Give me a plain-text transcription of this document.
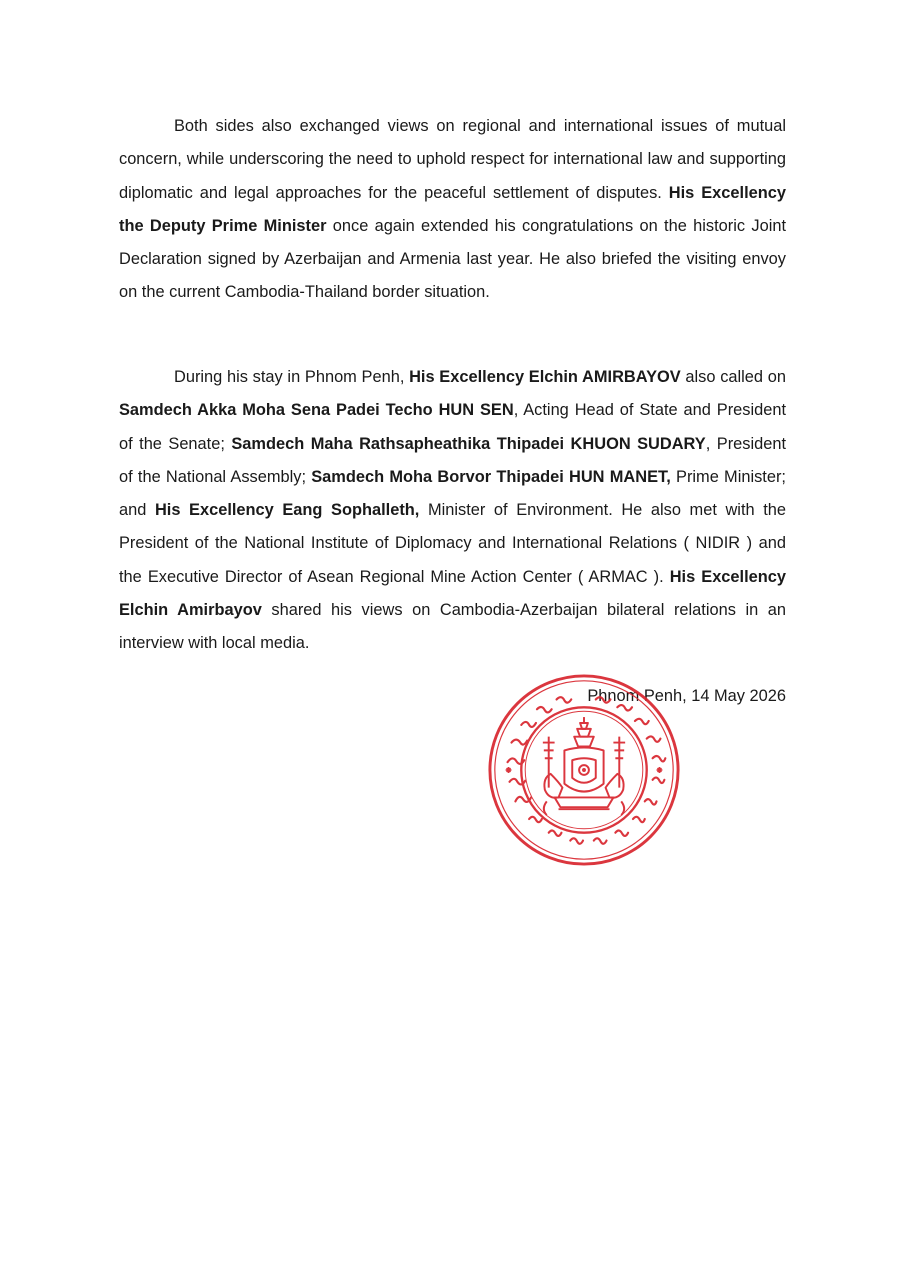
Both sides also exchanged views on regional and international issues of mutual concern, while underscoring the need to uphold respect for international law and supporting diplomatic and legal approaches for the peaceful settlement of disputes. His Excellency the Deputy Prime Minister once again extended his congratulations on the historic Joint Declaration signed by Azerbaijan and Armenia last year. He also briefed the visiting envoy on the current Cambodia-Thailand border situation.

During his stay in Phnom Penh, His Excellency Elchin AMIRBAYOV also called on Samdech Akka Moha Sena Padei Techo HUN SEN, Acting Head of State and President of the Senate; Samdech Maha Rathsapheathika Thipadei KHUON SUDARY, President of the National Assembly; Samdech Moha Borvor Thipadei HUN MANET, Prime Minister; and His Excellency Eang Sophalleth, Minister of Environment. He also met with the President of the National Institute of Diplomacy and International Relations ( NIDIR ) and the Executive Director of Asean Regional Mine Action Center ( ARMAC ). His Excellency Elchin Amirbayov shared his views on Cambodia-Azerbaijan bilateral relations in an interview with local media.

Phnom Penh, 14 May 2026
